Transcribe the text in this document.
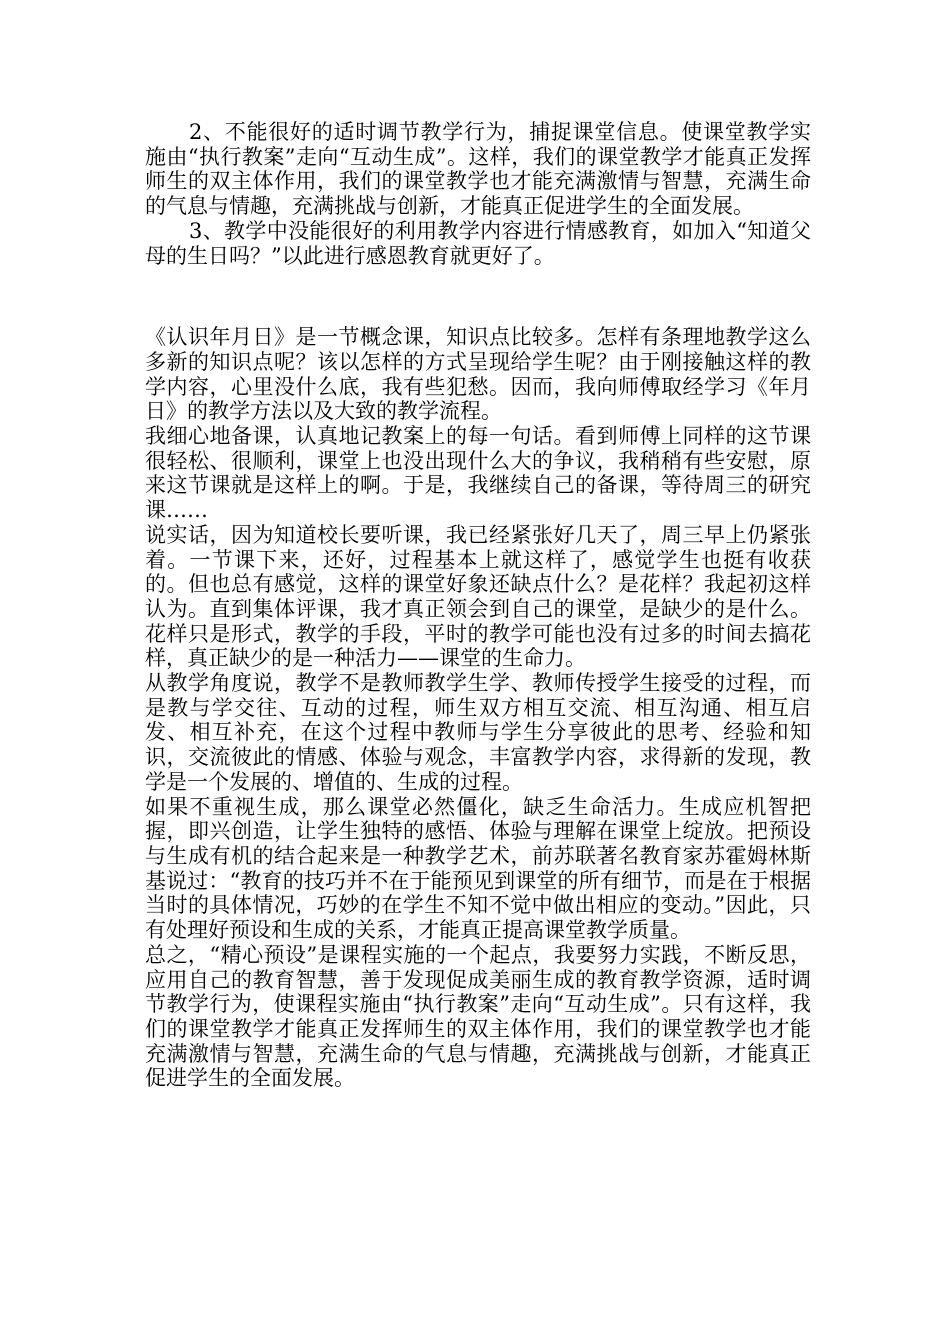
2、不能很好的适时调节教学行为，捕捉课堂信息。使课堂教学实施由“执行教案”走向“互动生成”。这样，我们的课堂教学才能真正发挥师生的双主体作用，我们的课堂教学也才能充满激情与智慧，充满生命的气息与情趣，充满挑战与创新，才能真正促进学生的全面发展。

3、教学中没能很好的利用教学内容进行情感教育，如加入“知道父母的生日吗？”以此进行感恩教育就更好了。

《认识年月日》是一节概念课，知识点比较多。怎样有条理地教学这么多新的知识点呢？该以怎样的方式呈现给学生呢？由于刚接触这样的教学内容，心里没什么底，我有些犯愁。因而，我向师傅取经学习《年月日》的教学方法以及大致的教学流程。

我细心地备课，认真地记教案上的每一句话。看到师傅上同样的这节课很轻松、很顺利，课堂上也没出现什么大的争议，我稍稍有些安慰，原来这节课就是这样上的啊。于是，我继续自己的备课，等待周三的研究课……

说实话，因为知道校长要听课，我已经紧张好几天了，周三早上仍紧张着。一节课下来，还好，过程基本上就这样了，感觉学生也挺有收获的。但也总有感觉，这样的课堂好象还缺点什么？是花样？我起初这样认为。直到集体评课，我才真正领会到自己的课堂，是缺少的是什么。花样只是形式，教学的手段，平时的教学可能也没有过多的时间去搞花样，真正缺少的是一种活力——课堂的生命力。

从教学角度说，教学不是教师教学生学、教师传授学生接受的过程，而是教与学交往、互动的过程，师生双方相互交流、相互沟通、相互启发、相互补充，在这个过程中教师与学生分享彼此的思考、经验和知识，交流彼此的情感、体验与观念，丰富教学内容，求得新的发现，教学是一个发展的、增值的、生成的过程。

如果不重视生成，那么课堂必然僵化，缺乏生命活力。生成应机智把握，即兴创造，让学生独特的感悟、体验与理解在课堂上绽放。把预设与生成有机的结合起来是一种教学艺术，前苏联著名教育家苏霍姆林斯基说过：“教育的技巧并不在于能预见到课堂的所有细节，而是在于根据当时的具体情况，巧妙的在学生不知不觉中做出相应的变动。”因此，只有处理好预设和生成的关系，才能真正提高课堂教学质量。

总之，“精心预设”是课程实施的一个起点，我要努力实践，不断反思，应用自己的教育智慧，善于发现促成美丽生成的教育教学资源，适时调节教学行为，使课程实施由“执行教案”走向“互动生成”。只有这样，我们的课堂教学才能真正发挥师生的双主体作用，我们的课堂教学也才能充满激情与智慧，充满生命的气息与情趣，充满挑战与创新，才能真正促进学生的全面发展。
